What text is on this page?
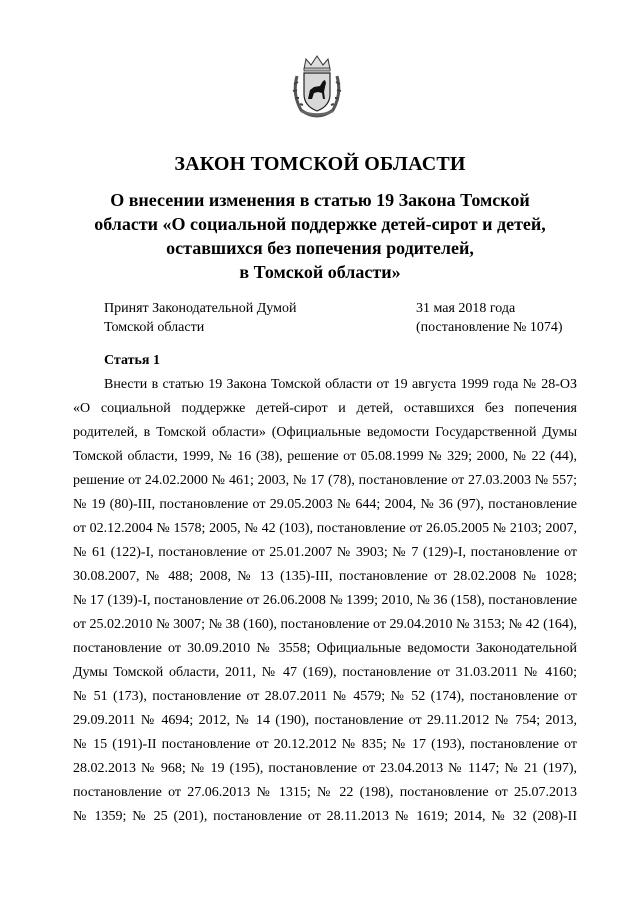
ЗАКОН ТОМСКОЙ ОБЛАСТИ
О внесении изменения в статью 19 Закона Томской
области «О социальной поддержке детей-сирот и детей,
оставшихся без попечения родителей,
в Томской области»
Принят Законодательной Думой
Томской области
31 мая 2018 года
(постановление № 1074)
Статья 1
Внести в статью 19 Закона Томской области от 19 августа 1999 года № 28-ОЗ
«О социальной поддержке детей-сирот и детей, оставшихся без попечения
родителей, в Томской области» (Официальные ведомости Государственной Думы
Томской области, 1999, № 16 (38), решение от 05.08.1999 № 329; 2000, № 22 (44),
решение от 24.02.2000 № 461; 2003, № 17 (78), постановление от 27.03.2003 № 557;
№ 19 (80)-III, постановление от 29.05.2003 № 644; 2004, № 36 (97), постановление
от 02.12.2004 № 1578; 2005, № 42 (103), постановление от 26.05.2005 № 2103; 2007,
№ 61 (122)-I, постановление от 25.01.2007 № 3903; № 7 (129)-I, постановление от
30.08.2007, № 488; 2008, № 13 (135)-III, постановление от 28.02.2008 № 1028;
№ 17 (139)-I, постановление от 26.06.2008 № 1399; 2010, № 36 (158), постановление
от 25.02.2010 № 3007; № 38 (160), постановление от 29.04.2010 № 3153; № 42 (164),
постановление от 30.09.2010 № 3558; Официальные ведомости Законодательной
Думы Томской области, 2011, № 47 (169), постановление от 31.03.2011 № 4160;
№ 51 (173), постановление от 28.07.2011 № 4579; № 52 (174), постановление от
29.09.2011 № 4694; 2012, № 14 (190), постановление от 29.11.2012 № 754; 2013,
№ 15 (191)-II постановление от 20.12.2012 № 835; № 17 (193), постановление от
28.02.2013 № 968; № 19 (195), постановление от 23.04.2013 № 1147; № 21 (197),
постановление от 27.06.2013 № 1315; № 22 (198), постановление от 25.07.2013
№ 1359; № 25 (201), постановление от 28.11.2013 № 1619; 2014, № 32 (208)-II
